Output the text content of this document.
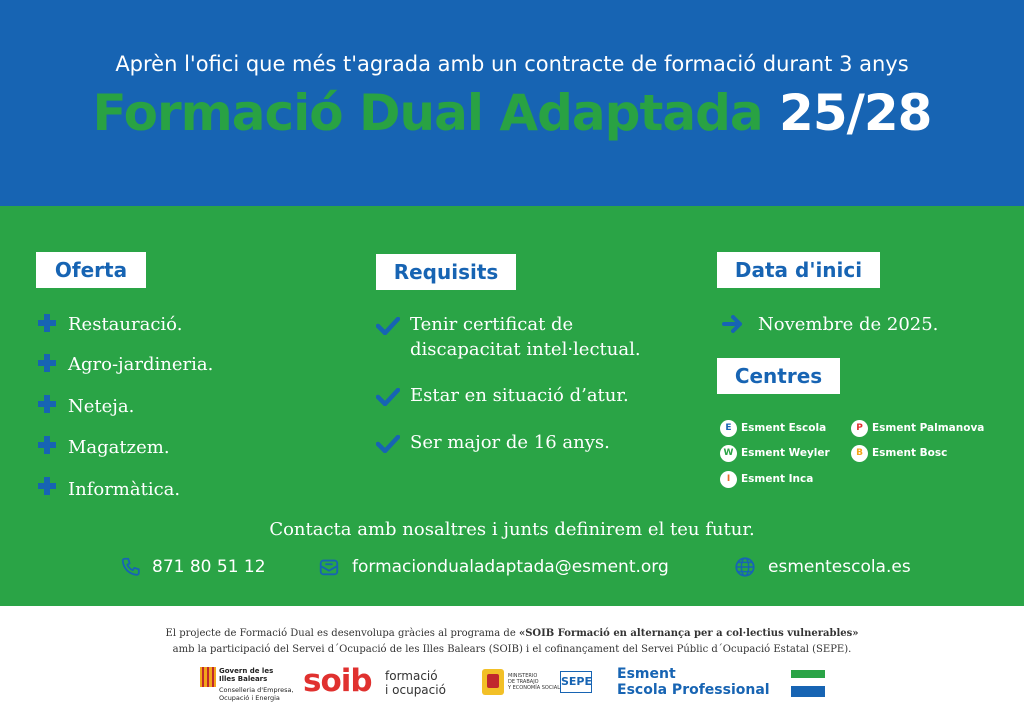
Aprèn l'ofici que més t'agrada amb un contracte de formació durant 3 anys
Formació Dual Adaptada 25/28
Oferta
Restauració.
Agro-jardineria.
Neteja.
Magatzem.
Informàtica.
Requisits
Tenir certificat de
discapacitat intel·lectual.
Estar en situació d’atur.
Ser major de 16 anys.
Data d'inici
Novembre de 2025.
Centres
E Esment Escola	P Esment Palmanova
W Esment Weyler	B Esment Bosc
I Esment Inca
Contacta amb nosaltres i junts definirem el teu futur.
871 80 51 12	formaciondualadaptada@esment.org	esmentescola.es
El projecte de Formació Dual es desenvolupa gràcies al programa de «SOIB Formació en alternança per a col·lectius vulnerables»
amb la participació del Servei d´Ocupació de les Illes Balears (SOIB) i el cofinançament del Servei Públic d´Ocupació Estatal (SEPE).
Govern de les
Illes Balears
Conselleria d'Empresa,
Ocupació i Energia soib formació
i ocupació
MINISTERIO
DE TRABAJO
Y ECONOMÍA SOCIAL SEPE Esment
Escola Professional
